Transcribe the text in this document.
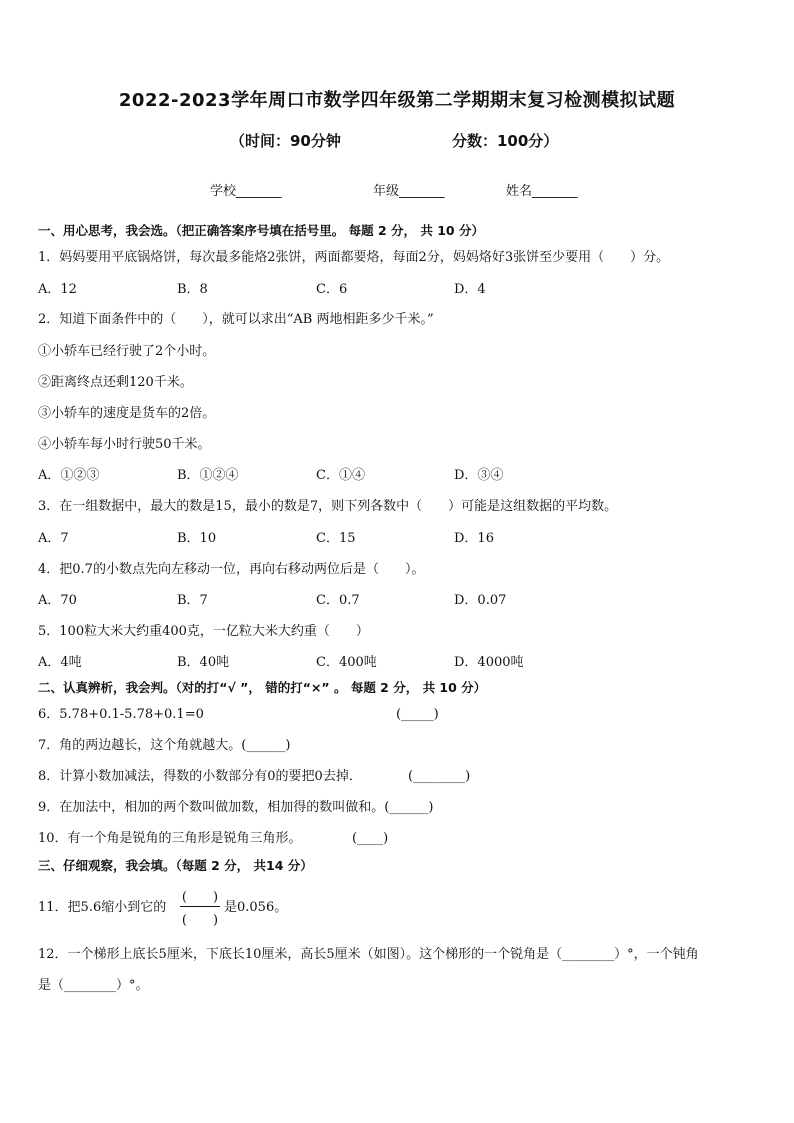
2022-2023学年周口市数学四年级第二学期期末复习检测模拟试题
（时间：90分钟	分数：100分）
学校_______	年级_______	姓名_______
一、用心思考，我会选。（把正确答案序号填在括号里。 每题 2 分， 共 10 分）
1．妈妈要用平底锅烙饼，每次最多能烙2张饼，两面都要烙，每面2分，妈妈烙好3张饼至少要用（　　）分。
A．12	B．8	C．6	D．4
2．知道下面条件中的（　　），就可以求出“AB 两地相距多少千米。”
①小轿车已经行驶了2个小时。
②距离终点还剩120千米。
③小轿车的速度是货车的2倍。
④小轿车每小时行驶50千米。
A．①②③	B．①②④	C．①④	D．③④
3．在一组数据中，最大的数是15，最小的数是7，则下列各数中（　　）可能是这组数据的平均数。
A．7	B．10	C．15	D．16
4．把0.7的小数点先向左移动一位，再向右移动两位后是（　　）。
A．70	B．7	C．0.7	D．0.07
5．100粒大米大约重400克，一亿粒大米大约重（　　）
A．4吨	B．40吨	C．400吨	D．4000吨
二、认真辨析，我会判。（对的打“√ ”， 错的打“×” 。 每题 2 分， 共 10 分）
6．5.78+0.1-5.78+0.1=0	(_____)
7．角的两边越长，这个角就越大。(______)
8．计算小数加减法，得数的小数部分有0的要把0去掉．	(________)
9．在加法中，相加的两个数叫做加数，相加得的数叫做和。(______)
10．有一个角是锐角的三角形是锐角三角形。	(____)
三、仔细观察，我会填。（每题 2 分， 共14 分）
11．把5.6缩小到它的
(　　)
(　　)
是0.056。
12．一个梯形上底长5厘米，下底长10厘米，高长5厘米（如图）。这个梯形的一个锐角是（________）°，一个钝角
是（________）°。
